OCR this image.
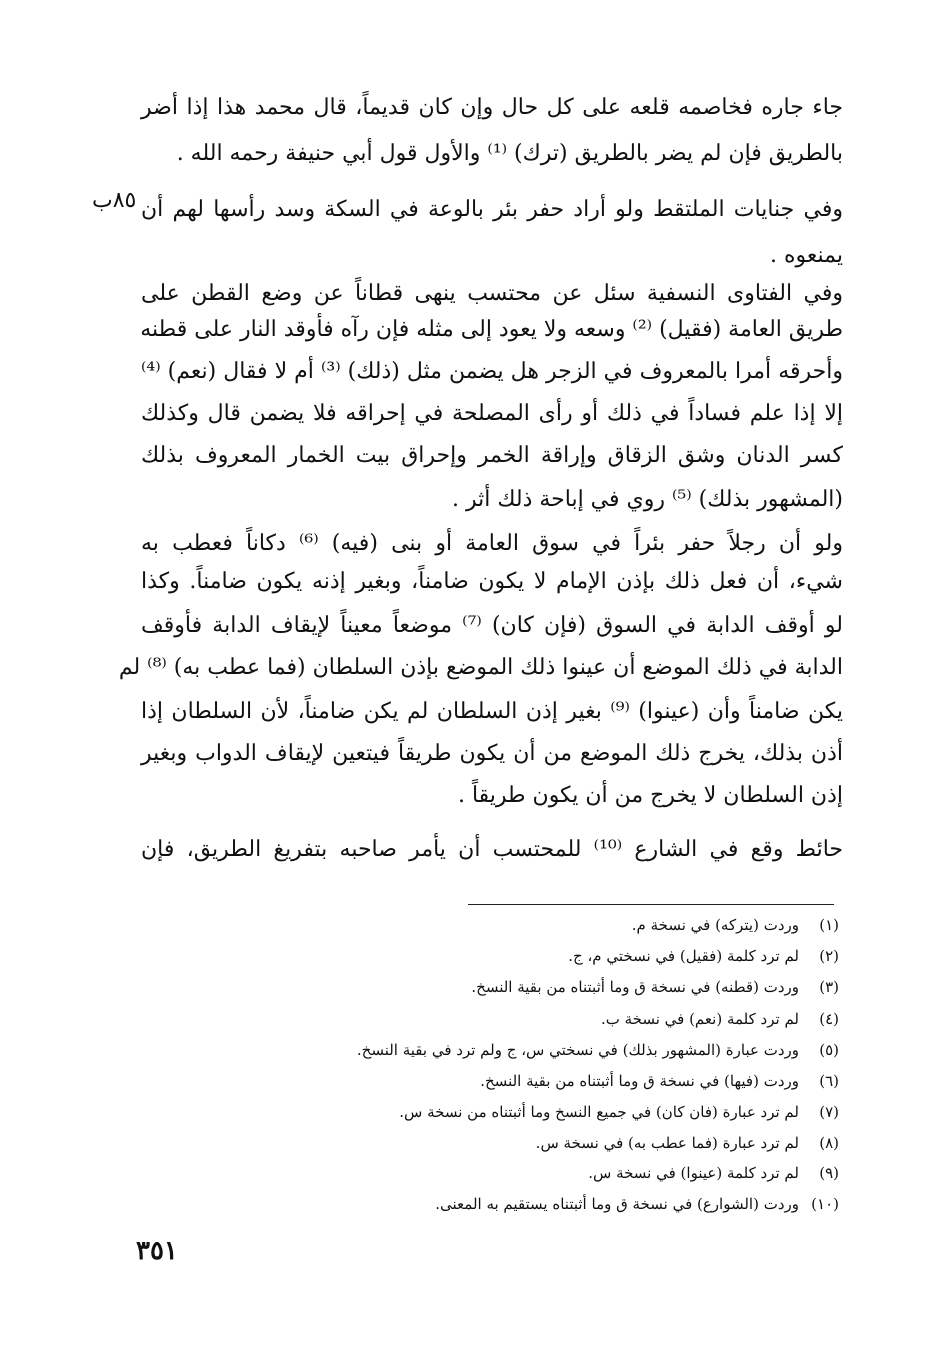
جاء جاره فخاصمه قلعه على كل حال وإن كان قديماً، قال محمد هذا إذا أضر
بالطريق فإن لم يضر بالطريق (ترك) ⁽¹⁾ والأول قول أبي حنيفة رحمه الله .
وفي جنايات الملتقط ولو أراد حفر بئر بالوعة في السكة وسد رأسها لهم أن
يمنعوه .
وفي الفتاوى النسفية سئل عن محتسب ينهى قطاناً عن وضع القطن على
طريق العامة (فقيل) ⁽²⁾ وسعه ولا يعود إلى مثله فإن رآه فأوقد النار على قطنه
وأحرقه أمرا بالمعروف في الزجر هل يضمن مثل (ذلك) ⁽³⁾ أم لا فقال (نعم) ⁽⁴⁾
إلا إذا علم فساداً في ذلك أو رأى المصلحة في إحراقه فلا يضمن قال وكذلك
كسر الدنان وشق الزقاق وإراقة الخمر وإحراق بيت الخمار المعروف بذلك
(المشهور بذلك) ⁽⁵⁾ روي في إباحة ذلك أثر .
ولو أن رجلاً حفر بئراً في سوق العامة أو بنى (فيه) ⁽⁶⁾ دكاناً فعطب به
شيء، أن فعل ذلك بإذن الإمام لا يكون ضامناً، وبغير إذنه يكون ضامناً. وكذا
لو أوقف الدابة في السوق (فإن كان) ⁽⁷⁾ موضعاً معيناً لإيقاف الدابة فأوقف
الدابة في ذلك الموضع أن عينوا ذلك الموضع بإذن السلطان (فما عطب به) ⁽⁸⁾ لم
يكن ضامناً وأن (عينوا) ⁽⁹⁾ بغير إذن السلطان لم يكن ضامناً، لأن السلطان إذا
أذن بذلك، يخرج ذلك الموضع من أن يكون طريقاً فيتعين لإيقاف الدواب وبغير
إذن السلطان لا يخرج من أن يكون طريقاً .
حائط وقع في الشارع ⁽¹⁰⁾ للمحتسب أن يأمر صاحبه بتفريغ الطريق، فإن
٨٥ب
(١)وردت (يتركه) في نسخة م.
(٢)لم ترد كلمة (فقيل) في نسختي م، ج.
(٣)وردت (قطنه) في نسخة ق وما أثبتناه من بقية النسخ.
(٤)لم ترد كلمة (نعم) في نسخة ب.
(٥)وردت عبارة (المشهور بذلك) في نسختي س، ج ولم ترد في بقية النسخ.
(٦)وردت (فيها) في نسخة ق وما أثبتناه من بقية النسخ.
(٧)لم ترد عبارة (فان كان) في جميع النسخ وما أثبتناه من نسخة س.
(٨)لم ترد عبارة (فما عطب به) في نسخة س.
(٩)لم ترد كلمة (عينوا) في نسخة س.
(١٠)وردت (الشوارع) في نسخة ق وما أثبتناه يستقيم به المعنى.
٣٥١
